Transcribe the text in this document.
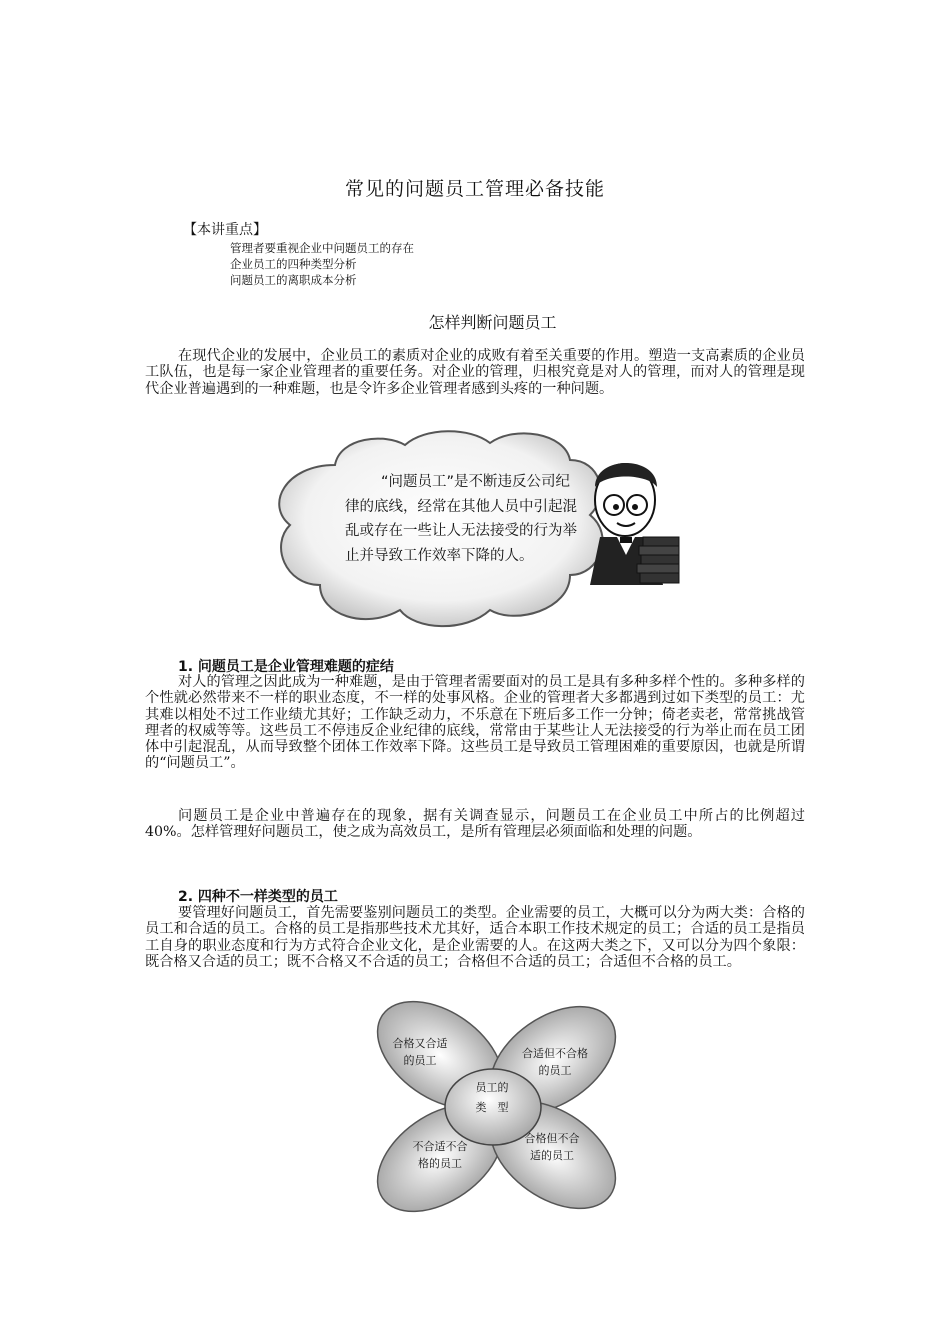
常见的问题员工管理必备技能
【本讲重点】
管理者要重视企业中问题员工的存在
企业员工的四种类型分析
问题员工的离职成本分析
怎样判断问题员工

在现代企业的发展中，企业员工的素质对企业的成败有着至关重要的作用。塑造一支高素质的企业员工队伍，也是每一家企业管理者的重要任务。对企业的管理，归根究竟是对人的管理，而对人的管理是现代企业普遍遇到的一种难题，也是令许多企业管理者感到头疼的一种问题。

“问题员工”是不断违反公司纪律的底线，经常在其他人员中引起混乱或存在一些让人无法接受的行为举止并导致工作效率下降的人。
1. 问题员工是企业管理难题的症结

对人的管理之因此成为一种难题，是由于管理者需要面对的员工是具有多种多样个性的。多种多样的个性就必然带来不一样的职业态度，不一样的处事风格。企业的管理者大多都遇到过如下类型的员工：尤其难以相处不过工作业绩尤其好；工作缺乏动力，不乐意在下班后多工作一分钟；倚老卖老，常常挑战管理者的权威等等。这些员工不停违反企业纪律的底线，常常由于某些让人无法接受的行为举止而在员工团体中引起混乱，从而导致整个团体工作效率下降。这些员工是导致员工管理困难的重要原因，也就是所谓的“问题员工”。

问题员工是企业中普遍存在的现象，据有关调查显示，问题员工在企业员工中所占的比例超过40%。怎样管理好问题员工，使之成为高效员工，是所有管理层必须面临和处理的问题。

2. 四种不一样类型的员工

要管理好问题员工，首先需要鉴别问题员工的类型。企业需要的员工，大概可以分为两大类：合格的员工和合适的员工。合格的员工是指那些技术尤其好，适合本职工作技术规定的员工；合适的员工是指员工自身的职业态度和行为方式符合企业文化，是企业需要的人。在这两大类之下，又可以分为四个象限：既合格又合适的员工；既不合格又不合适的员工；合格但不合适的员工；合适但不合格的员工。

合格又合适
的员工
合适但不合格
的员工
不合适不合
格的员工
合格但不合
适的员工
员工的
类　型
